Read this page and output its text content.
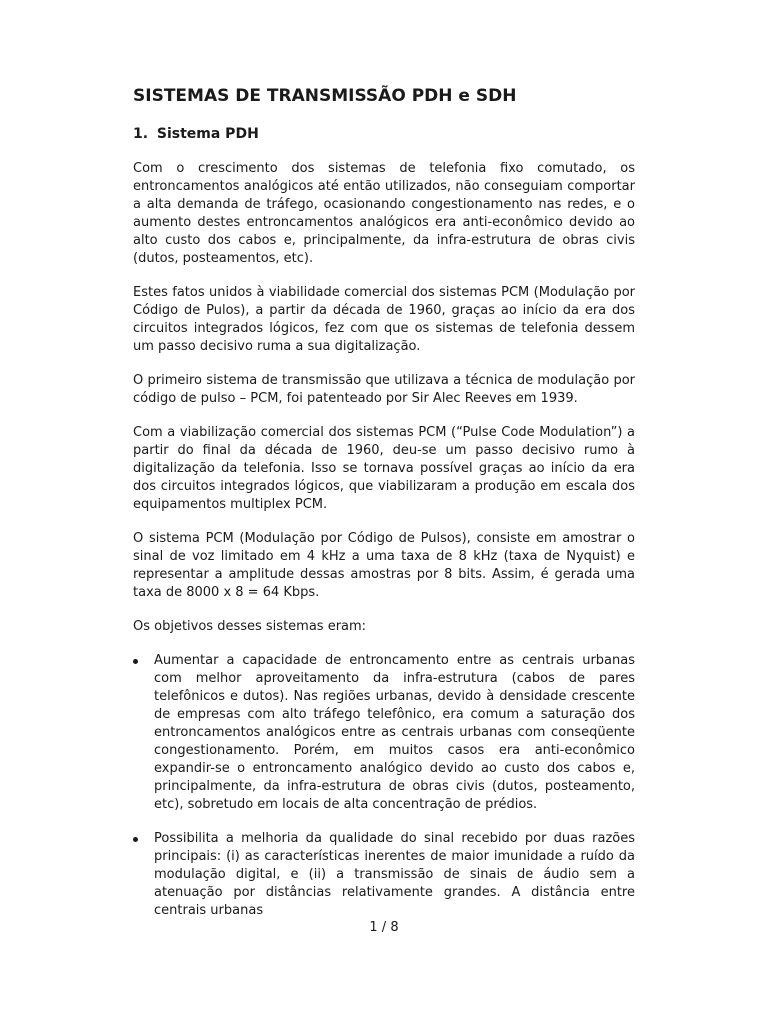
SISTEMAS DE TRANSMISSÃO PDH e SDH
1. Sistema PDH

Com o crescimento dos sistemas de telefonia fixo comutado, os entroncamentos analógicos até então utilizados, não conseguiam comportar a alta demanda de tráfego, ocasionando congestionamento nas redes, e o aumento destes entroncamentos analógicos era anti-econômico devido ao alto custo dos cabos e, principalmente, da infra-estrutura de obras civis (dutos, posteamentos, etc).

Estes fatos unidos à viabilidade comercial dos sistemas PCM (Modulação por Código de Pulos), a partir da década de 1960, graças ao início da era dos circuitos integrados lógicos, fez com que os sistemas de telefonia dessem um passo decisivo ruma a sua digitalização.

O primeiro sistema de transmissão que utilizava a técnica de modulação por código de pulso – PCM, foi patenteado por Sir Alec Reeves em 1939.

Com a viabilização comercial dos sistemas PCM (“Pulse Code Modulation”) a partir do final da década de 1960, deu-se um passo decisivo rumo à digitalização da telefonia. Isso se tornava possível graças ao início da era dos circuitos integrados lógicos, que viabilizaram a produção em escala dos equipamentos multiplex PCM.

O sistema PCM (Modulação por Código de Pulsos), consiste em amostrar o sinal de voz limitado em 4 kHz a uma taxa de 8 kHz (taxa de Nyquist) e representar a amplitude dessas amostras por 8 bits. Assim, é gerada uma taxa de 8000 x 8 = 64 Kbps.

Os objetivos desses sistemas eram:

Aumentar a capacidade de entroncamento entre as centrais urbanas com melhor aproveitamento da infra-estrutura (cabos de pares telefônicos e dutos). Nas regiões urbanas, devido à densidade crescente de empresas com alto tráfego telefônico, era comum a saturação dos entroncamentos analógicos entre as centrais urbanas com conseqüente congestionamento. Porém, em muitos casos era anti-econômico expandir-se o entroncamento analógico devido ao custo dos cabos e, principalmente, da infra-estrutura de obras civis (dutos, posteamento, etc), sobretudo em locais de alta concentração de prédios.
Possibilita a melhoria da qualidade do sinal recebido por duas razões principais: (i) as características inerentes de maior imunidade a ruído da modulação digital, e (ii) a transmissão de sinais de áudio sem a atenuação por distâncias relativamente grandes. A distância entre centrais urbanas
1 / 8
